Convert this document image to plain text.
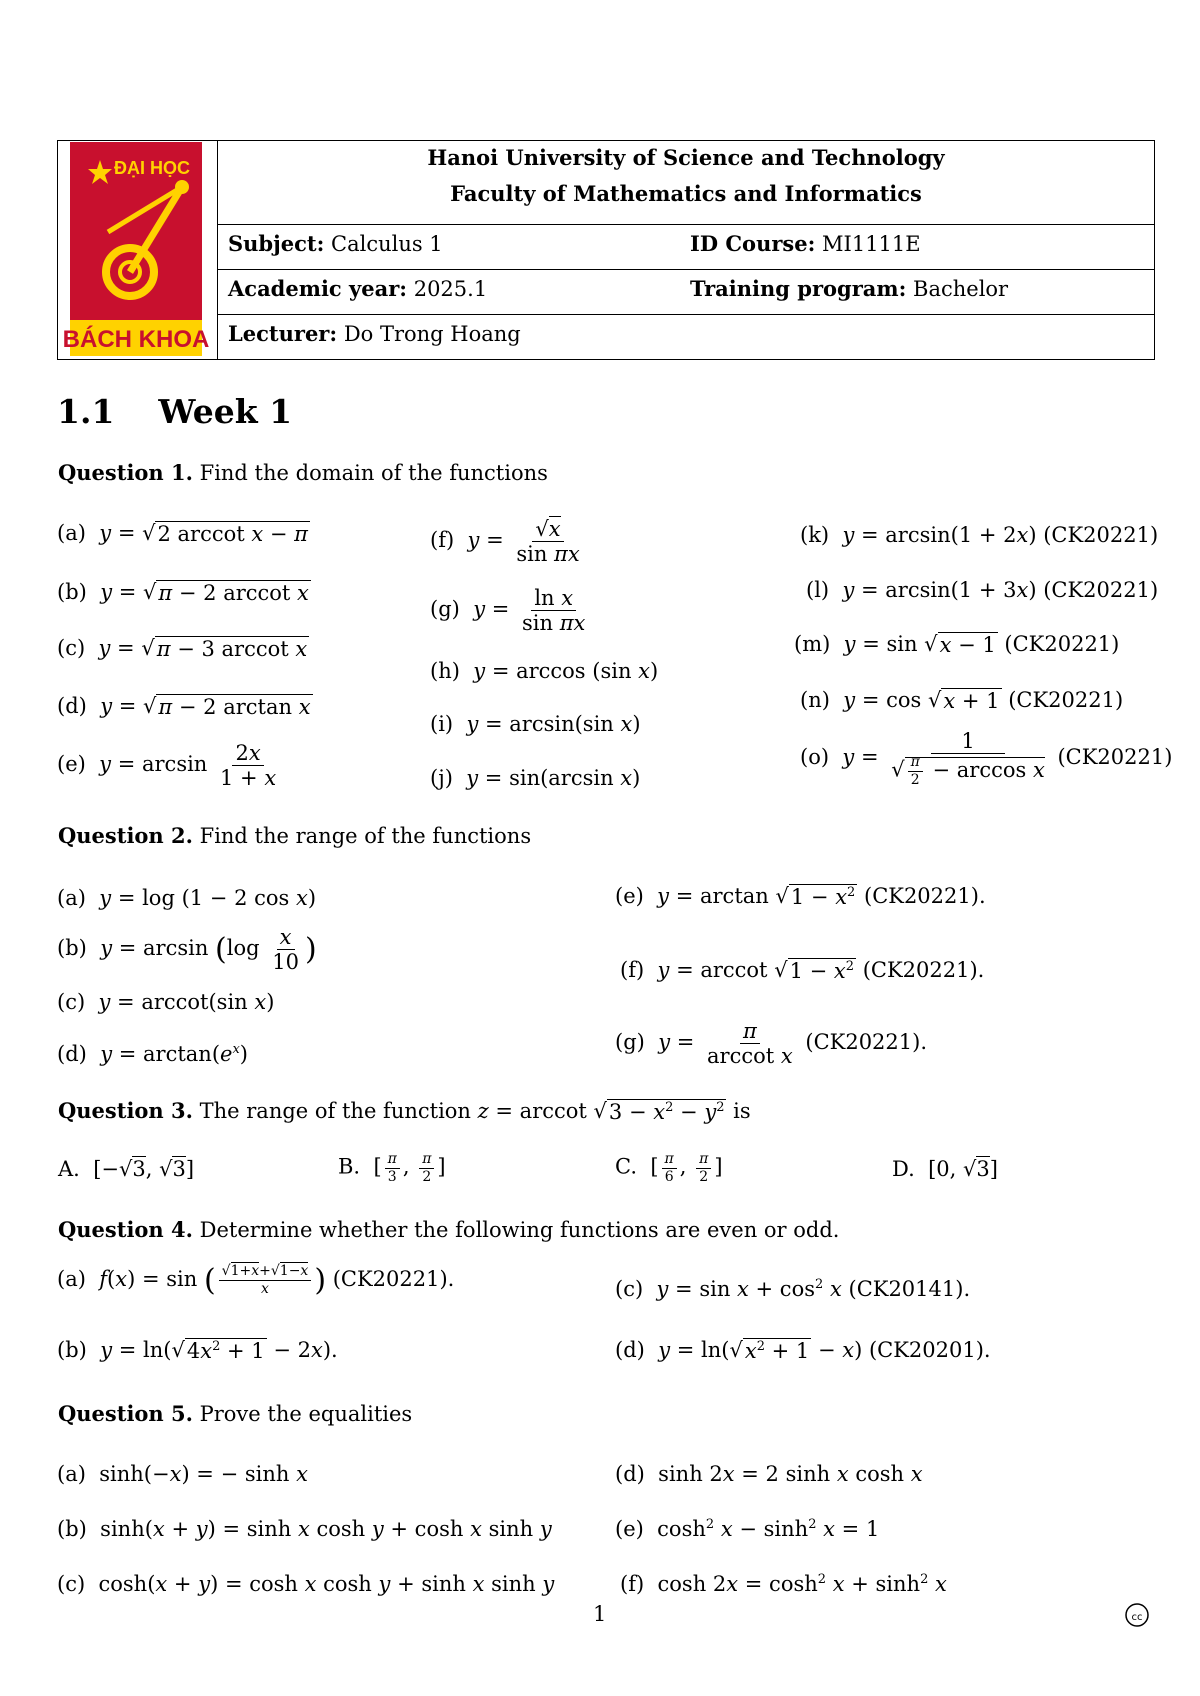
ĐẠI HỌC
BÁCH KHOA
Hanoi University of Science and Technology
Faculty of Mathematics and Informatics
Subject: Calculus 1	ID Course: MI1111E
Academic year: 2025.1	Training program: Bachelor
Lecturer: Do Trong Hoang
1.1 Week 1
Question 1. Find the domain of the functions
(a)  y = √ 2 arccot x − π
(b)  y = √ π − 2 arccot x
(c)  y = √ π − 3 arccot x
(d)  y = √ π − 2 arctan x
(e)  $y = \arcsin \frac{2x}{1 + x}$
(f)  $y = \frac{√x}{\text{sin πx}}$
(g)  $y = \frac{\text{ln x}}{\text{sin πx}}$
(h)  y = arccos (sin x)
(i)  y = arcsin(sin x)
(j)  y = sin(arcsin x)
(k)  y = arcsin(1 + 2x) (CK20221)
(l)  y = arcsin(1 + 3x) (CK20221)
(m)  y = sin √ x − 1 (CK20221)
(n)  y = cos √ x + 1 (CK20221)
(o)  $y = \frac{1}{√ \frac{\pi}{2} - \arccos x} (CK20221)$
Question 2. Find the range of the functions
(a)  y = log (1 − 2 cos x)
(b)  $y = \arcsin (\log \frac{x}{10}$ )
(c)  y = arccot(sin x)
(d)  $y = \arctan(e^x)$
(e)  y = arctan √ $1 - x^2$ (CK20221).
(f)  y = arccot √ $1 - x^2$ (CK20221).
(g)  $y = \frac{\pi}{\text{arccot x}} (CK20221)$.
Question 3. The range of the function z = arccot √ $3 - x^2 - y^2$ is
A.  [−√3, √3]	B.  [ $\frac{\pi}{3}$ , $\frac{\pi}{2}$ ]	C.  [ $\frac{\pi}{6}$ , $\frac{\pi}{2}$ ]	D.  [0, √3]
Question 4. Determine whether the following functions are even or odd.
(a)  f(x) = sin ( $\frac{√1+x+√1-x}{x}$ ) (CK20221).
(b)  y = ln( √ $4x^2 + 1 - 2x$).
(c)  $y = \sin x + \cos^2 x$ (CK20141).
(d)  y = ln( √ $x^2 + 1 - x$) (CK20201).
Question 5. Prove the equalities
(a)  sinh(−x) = − sinh x
(b)  sinh(x + y) = sinh x cosh y + cosh x sinh y
(c)  cosh(x + y) = cosh x cosh y + sinh x sinh y
(d)  sinh 2x = 2 sinh x cosh x
(e)  $\cosh^2 x - \sinh^2 x = 1$
(f)  $\cosh 2x = \cosh^2 x + \sinh^2 x$
1	cc
